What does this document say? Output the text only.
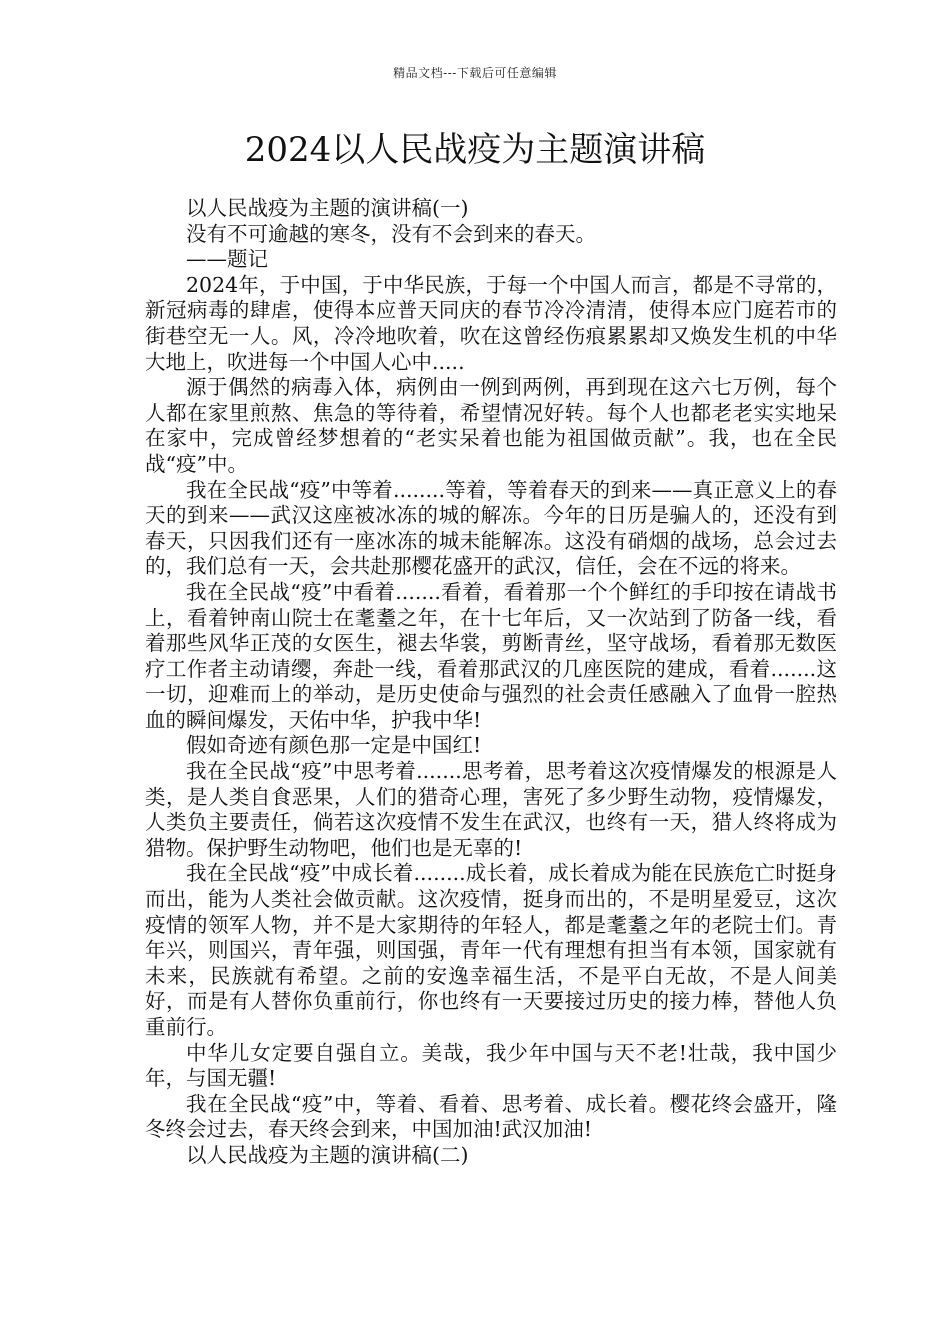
精品文档---下载后可任意编辑
2024以人民战疫为主题演讲稿

以人民战疫为主题的演讲稿(一)

没有不可逾越的寒冬，没有不会到来的春天。

——题记

2024年，于中国，于中华民族，于每一个中国人而言，都是不寻常的，新冠病毒的肆虐，使得本应普天同庆的春节冷冷清清，使得本应门庭若市的街巷空无一人。风，冷冷地吹着，吹在这曾经伤痕累累却又焕发生机的中华大地上，吹进每一个中国人心中.....

源于偶然的病毒入体，病例由一例到两例，再到现在这六七万例，每个人都在家里煎熬、焦急的等待着，希望情况好转。每个人也都老老实实地呆在家中，完成曾经梦想着的“老实呆着也能为祖国做贡献”。我，也在全民战“疫”中。

我在全民战“疫”中等着........等着，等着春天的到来——真正意义上的春天的到来——武汉这座被冰冻的城的解冻。今年的日历是骗人的，还没有到春天，只因我们还有一座冰冻的城未能解冻。这没有硝烟的战场，总会过去的，我们总有一天，会共赴那樱花盛开的武汉，信任，会在不远的将来。

我在全民战“疫”中看着.......看着，看着那一个个鲜红的手印按在请战书上，看着钟南山院士在耄耋之年，在十七年后，又一次站到了防备一线，看着那些风华正茂的女医生，褪去华裳，剪断青丝，坚守战场，看着那无数医疗工作者主动请缨，奔赴一线，看着那武汉的几座医院的建成，看着.......这一切，迎难而上的举动，是历史使命与强烈的社会责任感融入了血骨一腔热血的瞬间爆发，天佑中华，护我中华!

假如奇迹有颜色那一定是中国红!

我在全民战“疫”中思考着.......思考着，思考着这次疫情爆发的根源是人类，是人类自食恶果，人们的猎奇心理，害死了多少野生动物，疫情爆发，人类负主要责任，倘若这次疫情不发生在武汉，也终有一天，猎人终将成为猎物。保护野生动物吧，他们也是无辜的!

我在全民战“疫”中成长着........成长着，成长着成为能在民族危亡时挺身而出，能为人类社会做贡献。这次疫情，挺身而出的，不是明星爱豆，这次疫情的领军人物，并不是大家期待的年轻人，都是耄耋之年的老院士们。青年兴，则国兴，青年强，则国强，青年一代有理想有担当有本领，国家就有未来，民族就有希望。之前的安逸幸福生活，不是平白无故，不是人间美好，而是有人替你负重前行，你也终有一天要接过历史的接力棒，替他人负重前行。

中华儿女定要自强自立。美哉，我少年中国与天不老!壮哉，我中国少年，与国无疆!

我在全民战“疫”中，等着、看着、思考着、成长着。樱花终会盛开，隆冬终会过去，春天终会到来，中国加油!武汉加油!

以人民战疫为主题的演讲稿(二)
